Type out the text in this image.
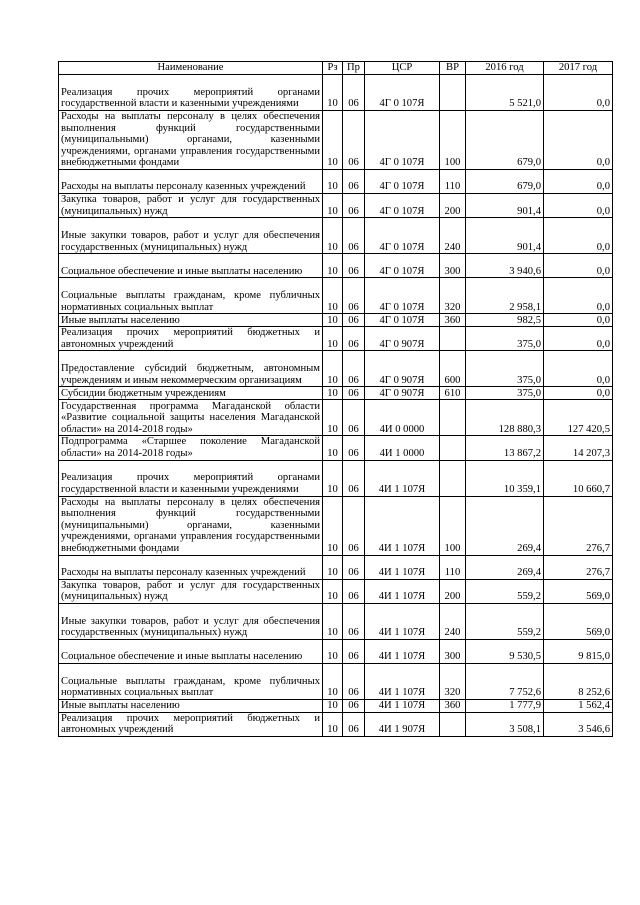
Наименование	Рз	Пр	ЦСР	ВР	2016 год	2017 год
Реализация прочих мероприятий органами государственной власти и казенными учреждениями	10	06	4Г 0 107Я		5 521,0	0,0
Расходы на выплаты персоналу в целях обеспечения выполнения функций государственными (муниципальными) органами, казенными учреждениями, органами управления государственными внебюджетными фондами	10	06	4Г 0 107Я	100	679,0	0,0
Расходы на выплаты персоналу казенных учреждений	10	06	4Г 0 107Я	110	679,0	0,0
Закупка товаров, работ и услуг для государственных (муниципальных) нужд	10	06	4Г 0 107Я	200	901,4	0,0
Иные закупки товаров, работ и услуг для обеспечения государственных (муниципальных) нужд	10	06	4Г 0 107Я	240	901,4	0,0
Социальное обеспечение и иные выплаты населению	10	06	4Г 0 107Я	300	3 940,6	0,0
Социальные выплаты гражданам, кроме публичных нормативных социальных выплат	10	06	4Г 0 107Я	320	2 958,1	0,0
Иные выплаты населению	10	06	4Г 0 107Я	360	982,5	0,0
Реализация прочих мероприятий бюджетных и автономных учреждений	10	06	4Г 0 907Я		375,0	0,0
Предоставление субсидий бюджетным, автономным учреждениям и иным некоммерческим организациям	10	06	4Г 0 907Я	600	375,0	0,0
Субсидии бюджетным учреждениям	10	06	4Г 0 907Я	610	375,0	0,0
Государственная программа Магаданской области «Развитие социальной защиты населения Магаданской области» на 2014-2018 годы»	10	06	4И 0 0000		128 880,3	127 420,5
Подпрограмма «Старшее поколение Магаданской области» на 2014-2018 годы»	10	06	4И 1 0000		13 867,2	14 207,3
Реализация прочих мероприятий органами государственной власти и казенными учреждениями	10	06	4И 1 107Я		10 359,1	10 660,7
Расходы на выплаты персоналу в целях обеспечения выполнения функций государственными (муниципальными) органами, казенными учреждениями, органами управления государственными внебюджетными фондами	10	06	4И 1 107Я	100	269,4	276,7
Расходы на выплаты персоналу казенных учреждений	10	06	4И 1 107Я	110	269,4	276,7
Закупка товаров, работ и услуг для государственных (муниципальных) нужд	10	06	4И 1 107Я	200	559,2	569,0
Иные закупки товаров, работ и услуг для обеспечения государственных (муниципальных) нужд	10	06	4И 1 107Я	240	559,2	569,0
Социальное обеспечение и иные выплаты населению	10	06	4И 1 107Я	300	9 530,5	9 815,0
Социальные выплаты гражданам, кроме публичных нормативных социальных выплат	10	06	4И 1 107Я	320	7 752,6	8 252,6
Иные выплаты населению	10	06	4И 1 107Я	360	1 777,9	1 562,4
Реализация прочих мероприятий бюджетных и автономных учреждений	10	06	4И 1 907Я		3 508,1	3 546,6
